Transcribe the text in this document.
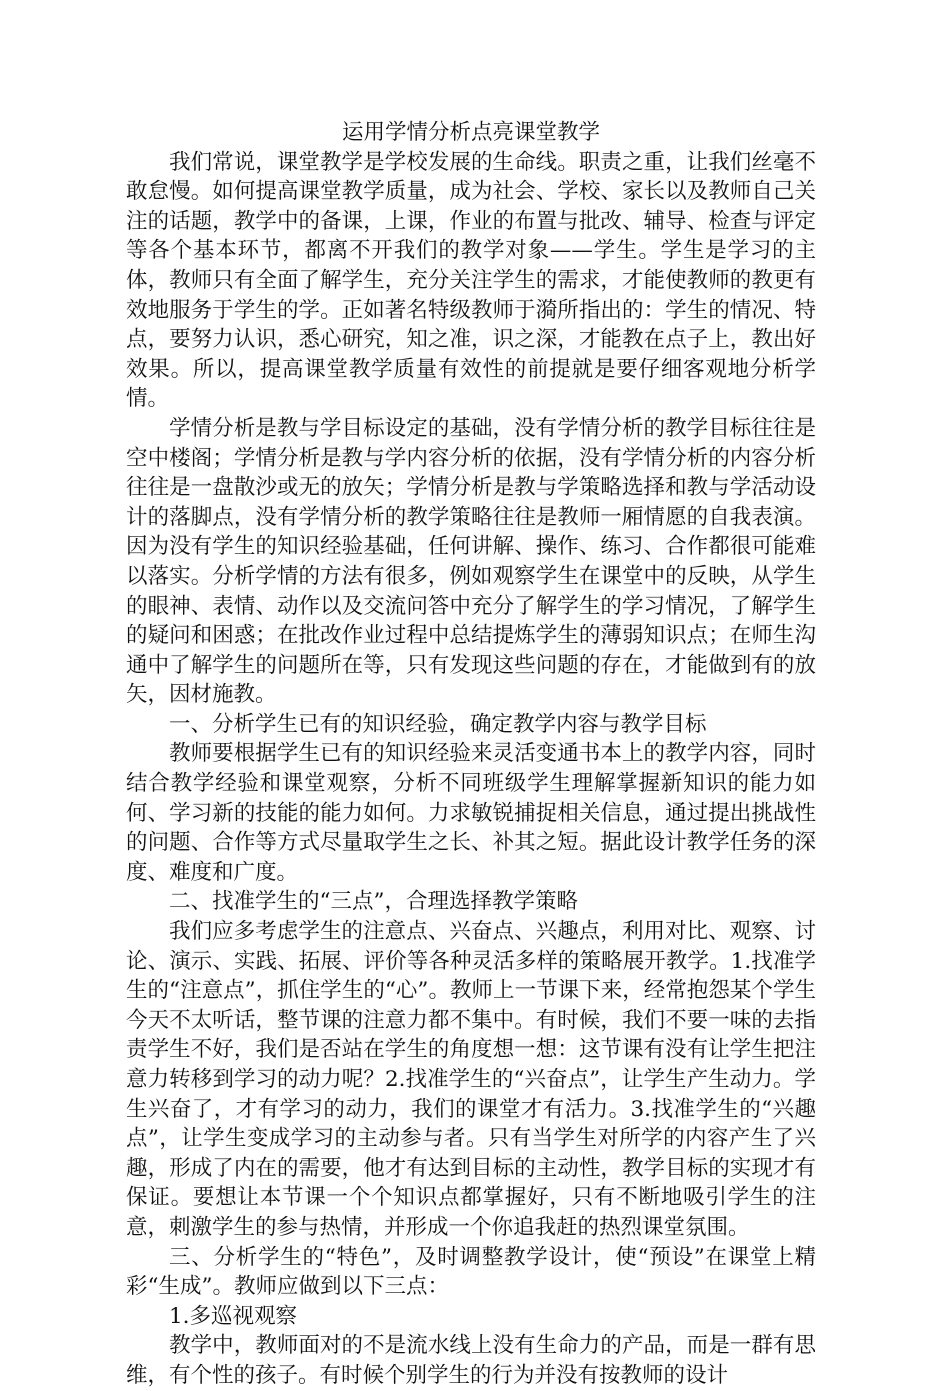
运用学情分析点亮课堂教学

我们常说，课堂教学是学校发展的生命线。职责之重，让我们丝毫不敢怠慢。如何提高课堂教学质量，成为社会、学校、家长以及教师自己关注的话题，教学中的备课，上课，作业的布置与批改、辅导、检查与评定等各个基本环节，都离不开我们的教学对象——学生。学生是学习的主体，教师只有全面了解学生，充分关注学生的需求，才能使教师的教更有效地服务于学生的学。正如著名特级教师于漪所指出的：学生的情况、特点，要努力认识，悉心研究，知之准，识之深，才能教在点子上，教出好效果。所以，提高课堂教学质量有效性的前提就是要仔细客观地分析学情。

学情分析是教与学目标设定的基础，没有学情分析的教学目标往往是空中楼阁；学情分析是教与学内容分析的依据，没有学情分析的内容分析往往是一盘散沙或无的放矢；学情分析是教与学策略选择和教与学活动设计的落脚点，没有学情分析的教学策略往往是教师一厢情愿的自我表演。因为没有学生的知识经验基础，任何讲解、操作、练习、合作都很可能难以落实。分析学情的方法有很多，例如观察学生在课堂中的反映，从学生的眼神、表情、动作以及交流问答中充分了解学生的学习情况，了解学生的疑问和困惑；在批改作业过程中总结提炼学生的薄弱知识点；在师生沟通中了解学生的问题所在等，只有发现这些问题的存在，才能做到有的放矢，因材施教。

一、分析学生已有的知识经验，确定教学内容与教学目标

教师要根据学生已有的知识经验来灵活变通书本上的教学内容，同时结合教学经验和课堂观察，分析不同班级学生理解掌握新知识的能力如何、学习新的技能的能力如何。力求敏锐捕捉相关信息，通过提出挑战性的问题、合作等方式尽量取学生之长、补其之短。据此设计教学任务的深度、难度和广度。

二、找准学生的“三点”，合理选择教学策略

我们应多考虑学生的注意点、兴奋点、兴趣点，利用对比、观察、讨论、演示、实践、拓展、评价等各种灵活多样的策略展开教学。1.找准学生的“注意点”，抓住学生的“心”。教师上一节课下来，经常抱怨某个学生今天不太听话，整节课的注意力都不集中。有时候，我们不要一味的去指责学生不好，我们是否站在学生的角度想一想：这节课有没有让学生把注意力转移到学习的动力呢？2.找准学生的“兴奋点”，让学生产生动力。学生兴奋了，才有学习的动力，我们的课堂才有活力。3.找准学生的“兴趣点”，让学生变成学习的主动参与者。只有当学生对所学的内容产生了兴趣，形成了内在的需要，他才有达到目标的主动性，教学目标的实现才有保证。要想让本节课一个个知识点都掌握好，只有不断地吸引学生的注意，刺激学生的参与热情，并形成一个你追我赶的热烈课堂氛围。

三、分析学生的“特色”，及时调整教学设计，使“预设”在课堂上精彩“生成”。教师应做到以下三点：

1.多巡视观察

教学中，教师面对的不是流水线上没有生命力的产品，而是一群有思维，有个性的孩子。有时候个别学生的行为并没有按教师的设计
